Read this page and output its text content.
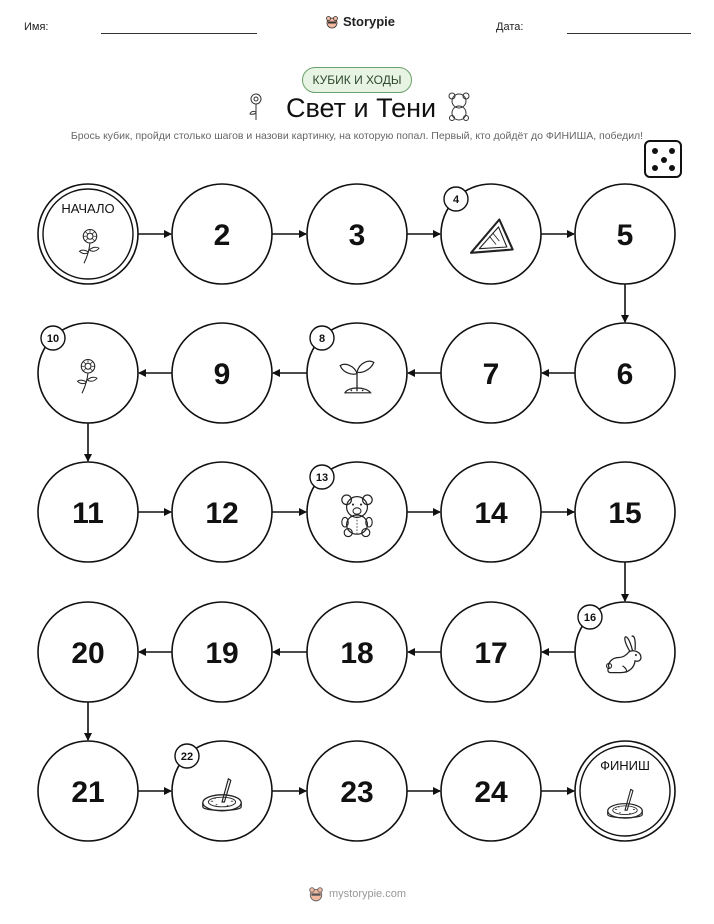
Имя:	Storypie	Дата:
КУБИК И ХОДЫ
Свет и Тени
Брось кубик, пройди столько шагов и назови картинку, на которую попал. Первый, кто дойдёт до ФИНИША, победил!
НАЧАЛО
2	3
4
5
6
7
8
9
10
11	12
13
14	15
16
17
18
19
20
21
22
23	24
ФИНИШ
mystorypie.com
